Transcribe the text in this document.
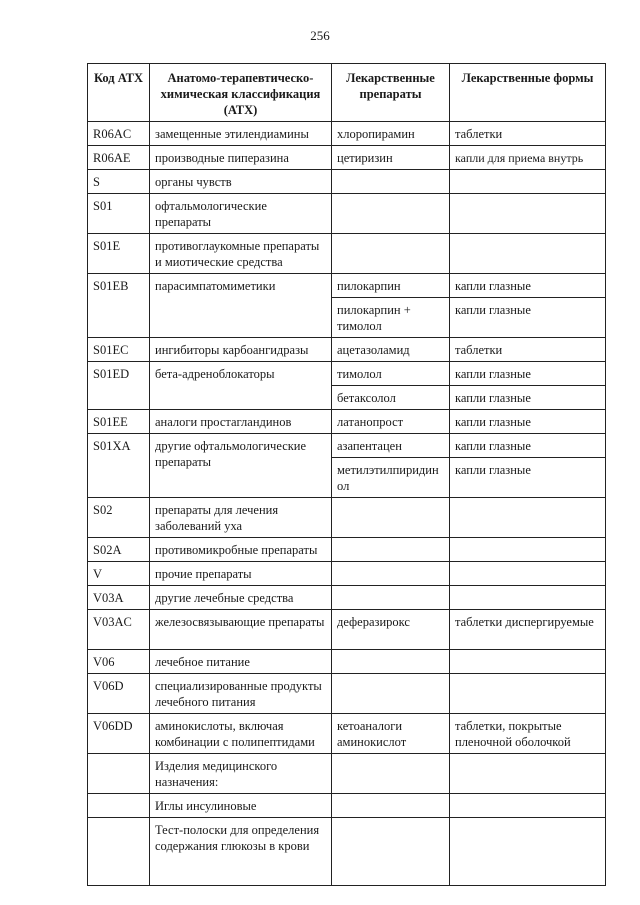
256
Код АТХ	Анатомо-терапевтическо-химическая классификация (АТХ)	Лекарственные препараты	Лекарственные формы
R06AC	замещенные этилендиамины	хлоропирамин	таблетки
R06AE	производные пиперазина	цетиризин	капли для приема внутрь
S	органы чувств		
S01	офтальмологические препараты		
S01E	противоглаукомные препараты и миотические средства		
S01EB	парасимпатомиметики	пилокарпин	капли глазные
		пилокарпин + тимолол	капли глазные
S01EC	ингибиторы карбоангидразы	ацетазоламид	таблетки
S01ED	бета-адреноблокаторы	тимолол	капли глазные
		бетаксолол	капли глазные
S01EE	аналоги простагландинов	латанопрост	капли глазные
S01XA	другие офтальмологические препараты	азапентацен	капли глазные
		метилэтилпиридин ол	капли глазные
S02	препараты для лечения заболеваний уха		
S02A	противомикробные препараты		
V	прочие препараты		
V03A	другие лечебные средства		
V03AC	железосвязывающие препараты	деферазирокс	таблетки диспергируемые
V06	лечебное питание		
V06D	специализированные продукты лечебного питания		
V06DD	аминокислоты, включая комбинации с полипептидами	кетоаналоги аминокислот	таблетки, покрытые пленочной оболочкой
	Изделия медицинского назначения:		
	Иглы инсулиновые		
	Тест-полоски для определения содержания глюкозы в крови		
